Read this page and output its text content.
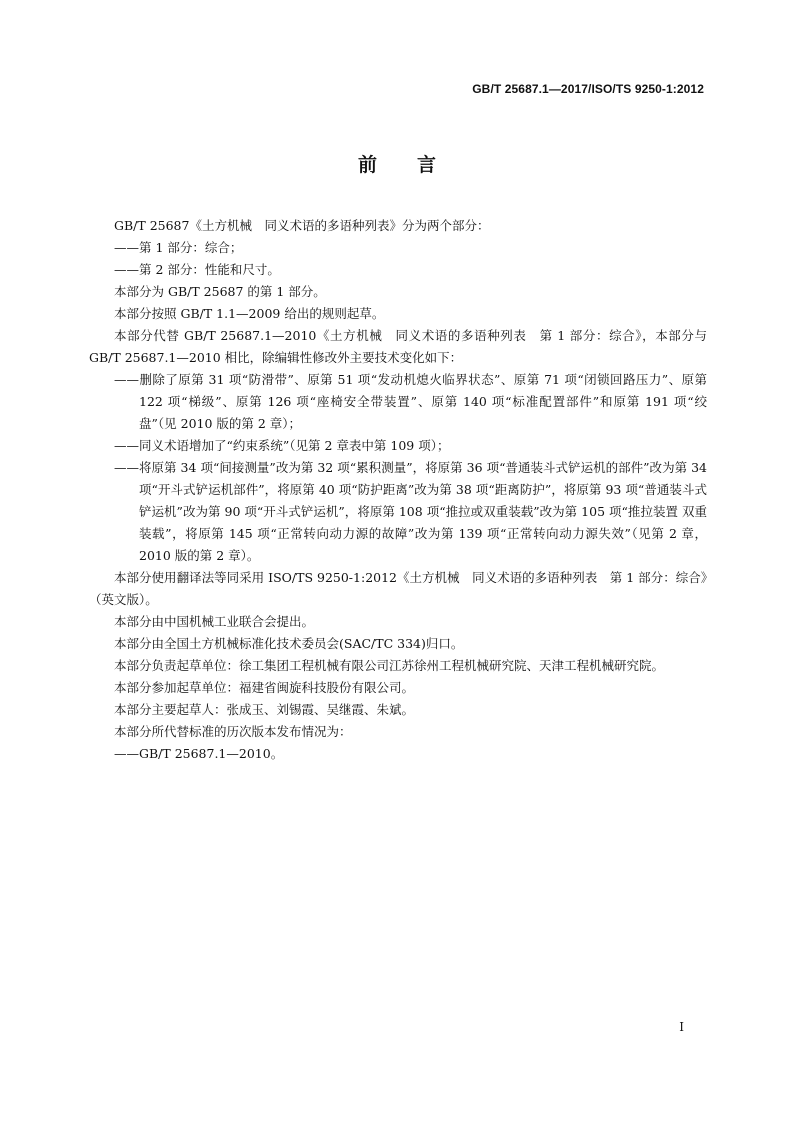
GB/T 25687.1—2017/ISO/TS 9250-1:2012
前 言

GB/T 25687《土方机械　同义术语的多语种列表》分为两个部分：

——第 1 部分：综合；

——第 2 部分：性能和尺寸。

本部分为 GB/T 25687 的第 1 部分。

本部分按照 GB/T 1.1—2009 给出的规则起草。

本部分代替 GB/T 25687.1—2010《土方机械　同义术语的多语种列表　第 1 部分：综合》，本部分与 GB/T 25687.1—2010 相比，除编辑性修改外主要技术变化如下：

——删除了原第 31 项“防滑带”、原第 51 项“发动机熄火临界状态”、原第 71 项“闭锁回路压力”、原第 122 项“梯级”、原第 126 项“座椅安全带装置”、原第 140 项“标准配置部件”和原第 191 项“绞盘”（见 2010 版的第 2 章）；

——同义术语增加了“约束系统”（见第 2 章表中第 109 项）；

——将原第 34 项“间接测量”改为第 32 项“累积测量”，将原第 36 项“普通装斗式铲运机的部件”改为第 34 项“开斗式铲运机部件”，将原第 40 项“防护距离”改为第 38 项“距离防护”，将原第 93 项“普通装斗式铲运机”改为第 90 项“开斗式铲运机”，将原第 108 项“推拉或双重装载”改为第 105 项“推拉装置 双重装载”，将原第 145 项“正常转向动力源的故障”改为第 139 项“正常转向动力源失效”（见第 2 章，2010 版的第 2 章）。

本部分使用翻译法等同采用 ISO/TS 9250-1:2012《土方机械　同义术语的多语种列表　第 1 部分：综合》（英文版）。

本部分由中国机械工业联合会提出。

本部分由全国土方机械标准化技术委员会(SAC/TC 334)归口。

本部分负责起草单位：徐工集团工程机械有限公司江苏徐州工程机械研究院、天津工程机械研究院。

本部分参加起草单位：福建省闽旋科技股份有限公司。

本部分主要起草人：张成玉、刘锡霞、吴继霞、朱斌。

本部分所代替标准的历次版本发布情况为：

——GB/T 25687.1—2010。

I
